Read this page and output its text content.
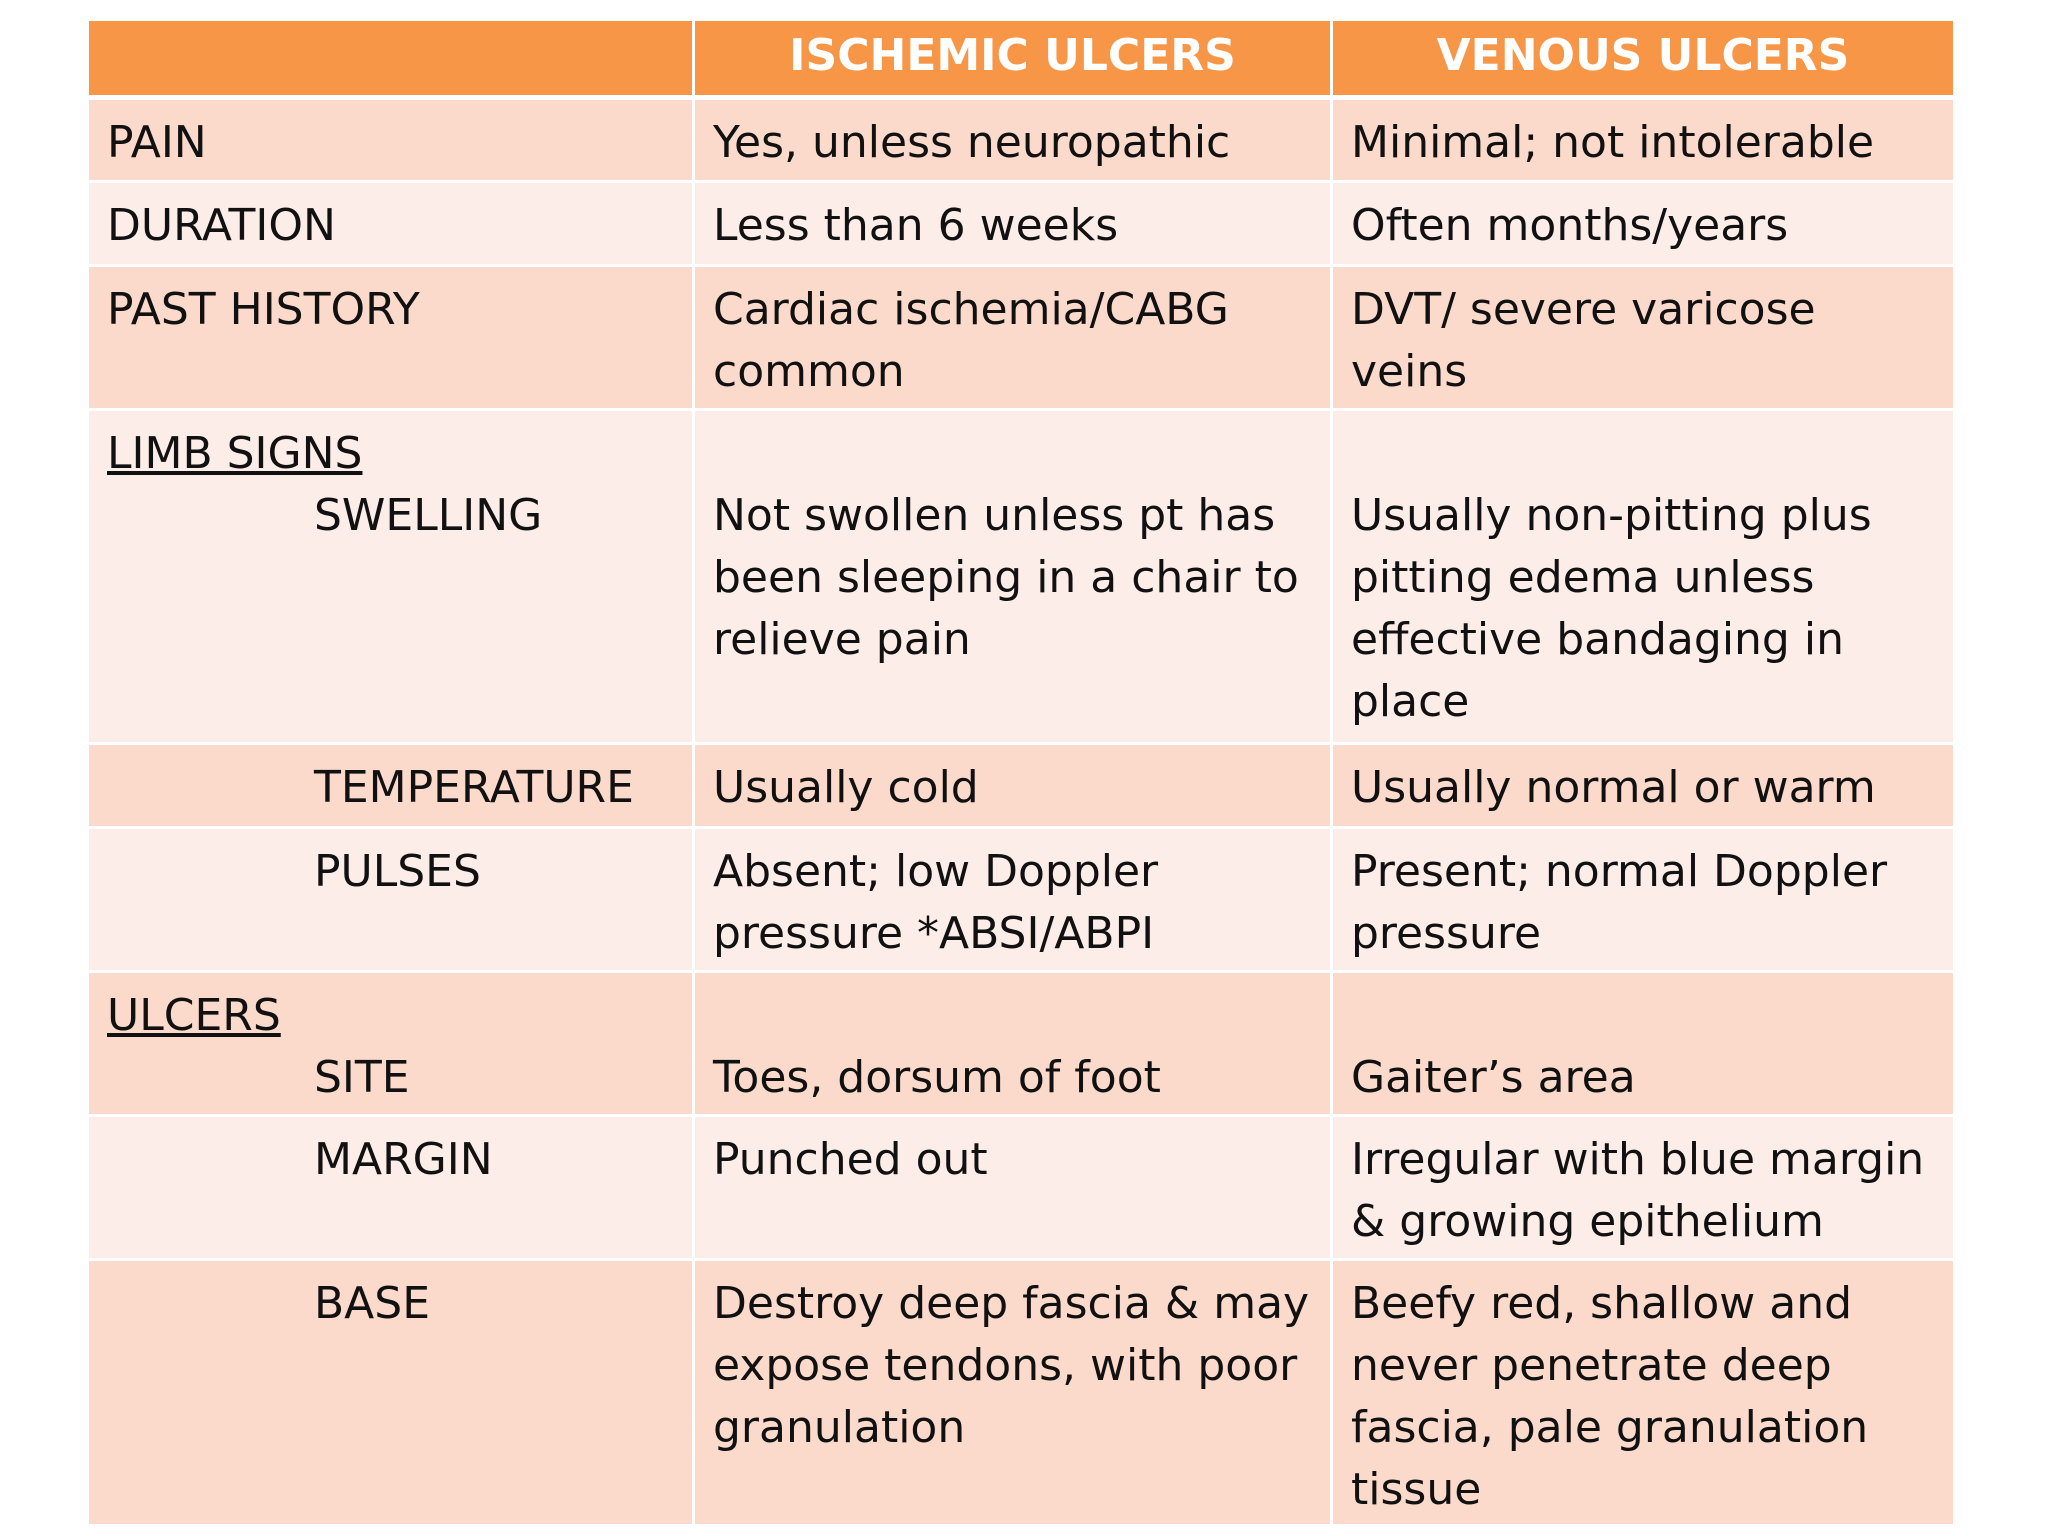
	ISCHEMIC ULCERS	VENOUS ULCERS

PAIN	Yes, unless neuropathic	Minimal; not intolerable

DURATION	Less than 6 weeks	Often months/years

PAST HISTORY	Cardiac ischemia/CABG common	DVT/ severe varicose veins

LIMB SIGNS
SWELLING	Not swollen unless pt has been sleeping in a chair to relieve pain	Usually non-pitting plus pitting edema unless effective bandaging in place

TEMPERATURE	Usually cold	Usually normal or warm

PULSES	Absent; low Doppler pressure *ABSI/ABPI	Present; normal Doppler pressure

ULCERS
SITE	Toes, dorsum of foot	Gaiter’s area

MARGIN	Punched out	Irregular with blue margin & growing epithelium

BASE	Destroy deep fascia & may expose tendons, with poor granulation	Beefy red, shallow and never penetrate deep fascia, pale granulation tissue
